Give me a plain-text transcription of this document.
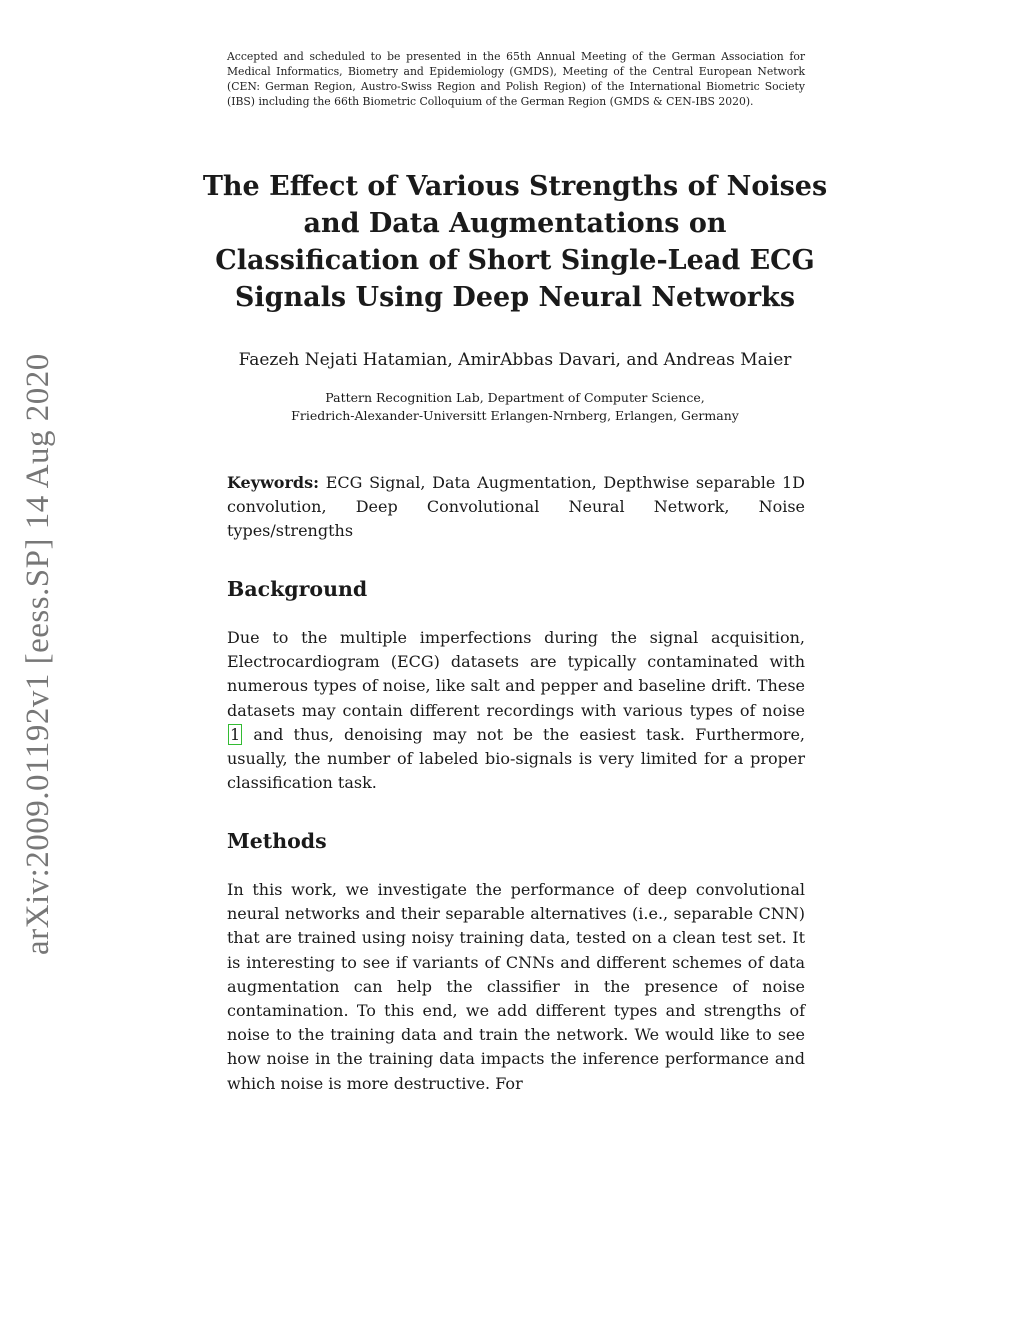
arXiv:2009.01192v1 [eess.SP] 14 Aug 2020
Accepted and scheduled to be presented in the 65th Annual Meeting of the German Association for Medical Informatics, Biometry and Epidemiology (GMDS), Meeting of the Central European Network (CEN: German Region, Austro-Swiss Region and Polish Region) of the International Biometric Society (IBS) including the 66th Biometric Colloquium of the German Region (GMDS & CEN-IBS 2020).
The Effect of Various Strengths of Noises and Data Augmentations on Classification of Short Single-Lead ECG Signals Using Deep Neural Networks

Faezeh Nejati Hatamian, AmirAbbas Davari, and Andreas Maier

Pattern Recognition Lab, Department of Computer Science,
Friedrich-Alexander-Universitt Erlangen-Nrnberg, Erlangen, Germany

Keywords: ECG Signal, Data Augmentation, Depthwise separable 1D convolution, Deep Convolutional Neural Network, Noise types/strengths

Background

Due to the multiple imperfections during the signal acquisition, Electrocardiogram (ECG) datasets are typically contaminated with numerous types of noise, like salt and pepper and baseline drift. These datasets may contain different recordings with various types of noise 1 and thus, denoising may not be the easiest task. Furthermore, usually, the number of labeled bio-signals is very limited for a proper classification task.

Methods

In this work, we investigate the performance of deep convolutional neural networks and their separable alternatives (i.e., separable CNN) that are trained using noisy training data, tested on a clean test set. It is interesting to see if variants of CNNs and different schemes of data augmentation can help the classifier in the presence of noise contamination. To this end, we add different types and strengths of noise to the training data and train the network. We would like to see how noise in the training data impacts the inference performance and which noise is more destructive. For
